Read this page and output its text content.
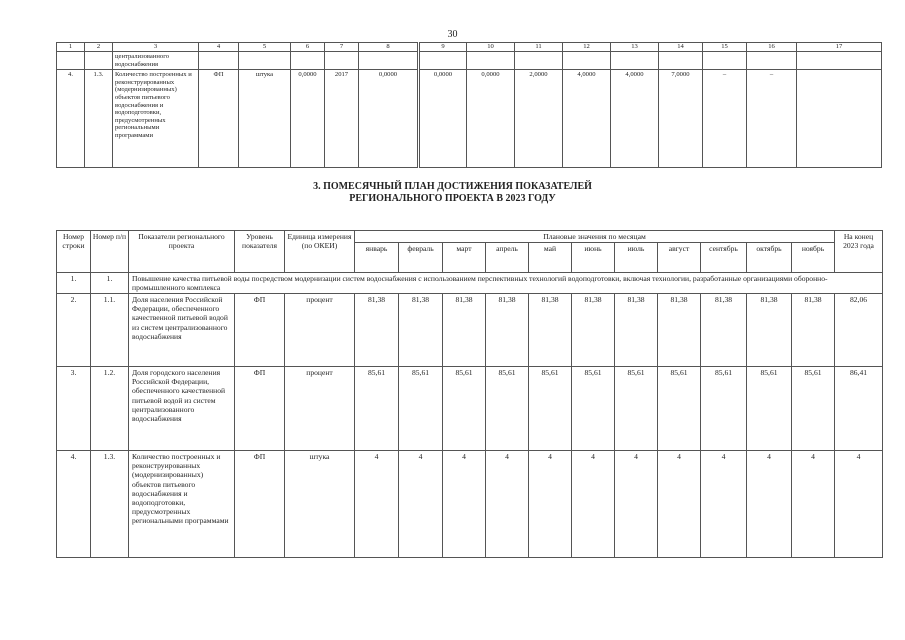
30
1	2	3	4	5	6	7	8	9	10	11	12	13	14	15	16	17
		централизованного водоснабжения														
4.	1.3.	Количество построенных и реконструированных (модернизированных) объектов питьевого водоснабжения и водоподготовки, предусмотренных региональными программами	ФП	штука	0,0000	2017	0,0000	0,0000	0,0000	2,0000	4,0000	4,0000	7,0000	–	–	
3. ПОМЕСЯЧНЫЙ ПЛАН ДОСТИЖЕНИЯ ПОКАЗАТЕЛЕЙ
РЕГИОНАЛЬНОГО ПРОЕКТА В 2023 ГОДУ
Номер строки	Номер п/п	Показатели регионального проекта	Уровень показателя	Единица измерения (по ОКЕИ)	Плановые значения по месяцам											На конец 2023 года
					январь	февраль	март	апрель	май	июнь	июль	август	сентябрь	октябрь	ноябрь	
1.	1.	Повышение качества питьевой воды посредством модернизации систем водоснабжения с использованием перспективных технологий водоподготовки, включая технологии, разработанные организациями оборонно-промышленного комплекса														
2.	1.1.	Доля населения Российской Федерации, обеспеченного качественной питьевой водой из систем централизованного водоснабжения	ФП	процент	81,38	81,38	81,38	81,38	81,38	81,38	81,38	81,38	81,38	81,38	81,38	82,06
3.	1.2.	Доля городского населения Российской Федерации, обеспеченного качественной питьевой водой из систем централизованного водоснабжения	ФП	процент	85,61	85,61	85,61	85,61	85,61	85,61	85,61	85,61	85,61	85,61	85,61	86,41
4.	1.3.	Количество построенных и реконструированных (модернизированных) объектов питьевого водоснабжения и водоподготовки, предусмотренных региональными программами	ФП	штука	4	4	4	4	4	4	4	4	4	4	4	4
